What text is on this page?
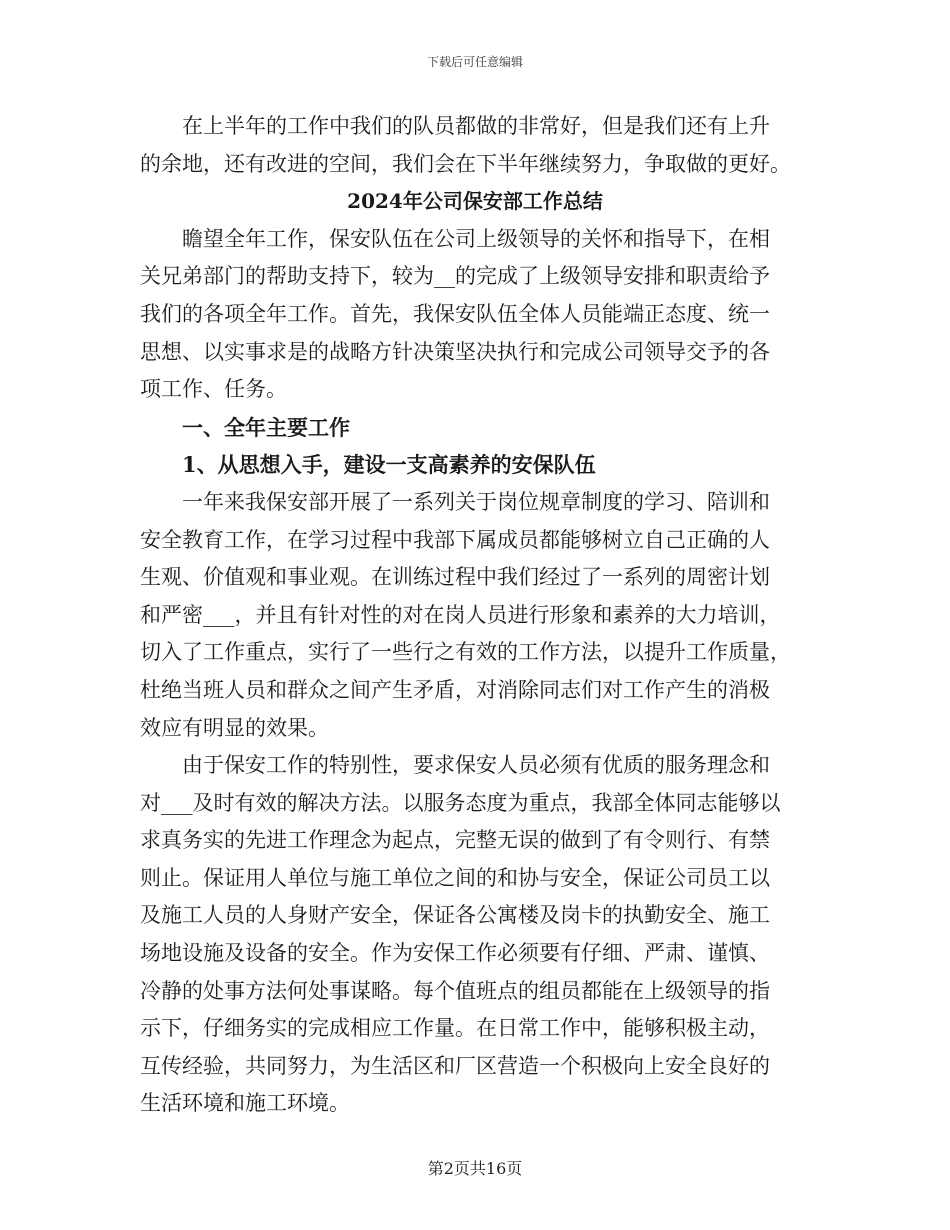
下载后可任意编辑
在上半年的工作中我们的队员都做的非常好，但是我们还有上升
的余地，还有改进的空间，我们会在下半年继续努力，争取做的更好。
2024年公司保安部工作总结
瞻望全年工作，保安队伍在公司上级领导的关怀和指导下，在相
关兄弟部门的帮助支持下，较为__的完成了上级领导安排和职责给予
我们的各项全年工作。首先，我保安队伍全体人员能端正态度、统一
思想、以实事求是的战略方针决策坚决执行和完成公司领导交予的各
项工作、任务。
一、全年主要工作
1、从思想入手，建设一支高素养的安保队伍
一年来我保安部开展了一系列关于岗位规章制度的学习、陪训和
安全教育工作，在学习过程中我部下属成员都能够树立自己正确的人
生观、价值观和事业观。在训练过程中我们经过了一系列的周密计划
和严密___，并且有针对性的对在岗人员进行形象和素养的大力培训，
切入了工作重点，实行了一些行之有效的工作方法，以提升工作质量，
杜绝当班人员和群众之间产生矛盾，对消除同志们对工作产生的消极
效应有明显的效果。
由于保安工作的特别性，要求保安人员必须有优质的服务理念和
对___及时有效的解决方法。以服务态度为重点，我部全体同志能够以
求真务实的先进工作理念为起点，完整无误的做到了有令则行、有禁
则止。保证用人单位与施工单位之间的和协与安全，保证公司员工以
及施工人员的人身财产安全，保证各公寓楼及岗卡的执勤安全、施工
场地设施及设备的安全。作为安保工作必须要有仔细、严肃、谨慎、
冷静的处事方法何处事谋略。每个值班点的组员都能在上级领导的指
示下，仔细务实的完成相应工作量。在日常工作中，能够积极主动，
互传经验，共同努力，为生活区和厂区营造一个积极向上安全良好的
生活环境和施工环境。
第2页共16页
